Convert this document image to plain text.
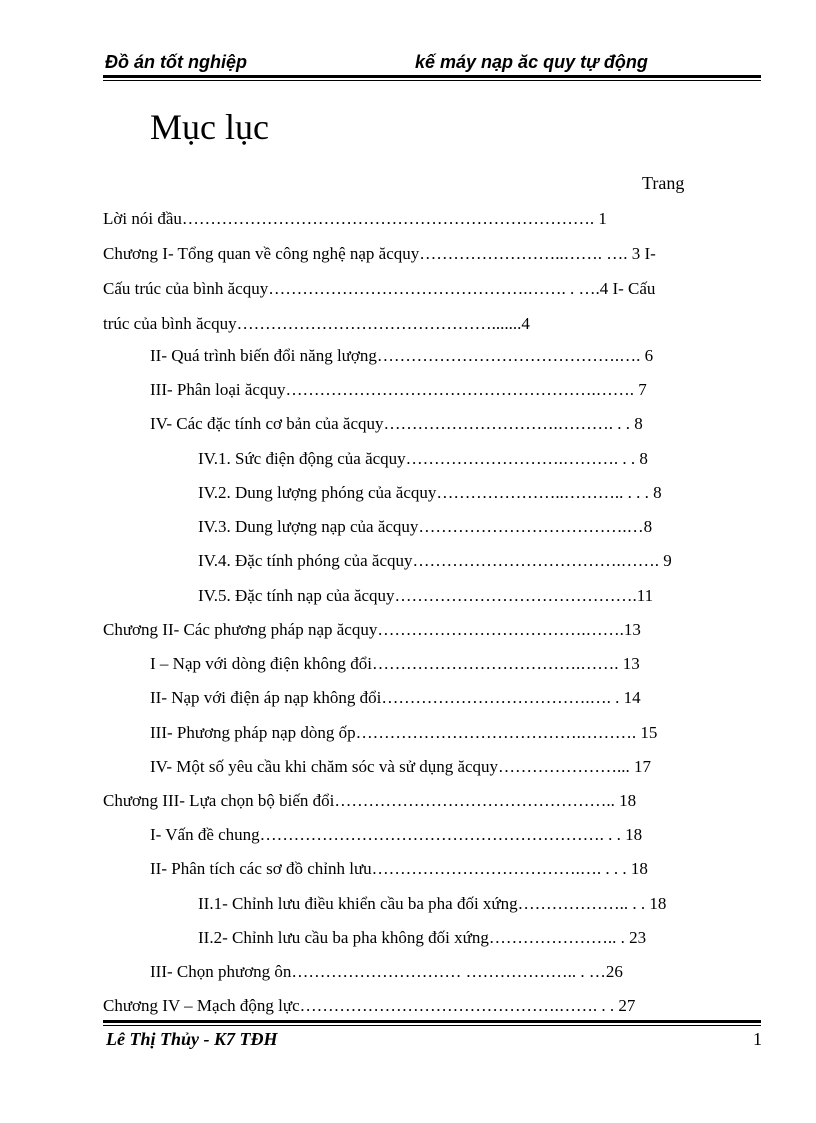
Đồ án tốt nghiệp	kế máy nạp ăc quy tự động
Mục lục
Trang
Lời nói đầu………………………………………………………………. 1
Chương I- Tổng quan về công nghệ nạp ăcquy……………………..……. …. 3 I-
Cấu trúc của bình ăcquy……………………………………….……. . ….4 I- Cấu
trúc của bình ăcquy……………………………………….......4
II- Quá trình biến đổi năng lượng…………………………………….…. 6
III- Phân loại ăcquy……………………………………………….……. 7
IV- Các đặc tính cơ bản của ăcquy………………………….………. . . 8
IV.1. Sức điện động của ăcquy……………………….………. . . 8
IV.2. Dung lượng phóng của ăcquy…………………..……….. . . . 8
IV.3. Dung lượng nạp của ăcquy……………………………….…8
IV.4. Đặc tính phóng của ăcquy……………………………….……. 9
IV.5. Đặc tính nạp của ăcquy…………………………………….11
Chương II- Các phương pháp nạp ăcquy……………………………….…….13
I – Nạp với dòng điện không đổi……………………………….……. 13
II- Nạp với điện áp nạp không đổi……………………………….…. . 14
III- Phương pháp nạp dòng ốp………………………………….………. 15
IV- Một số yêu cầu khi chăm sóc và sử dụng ăcquy…………………... 17
Chương III- Lựa chọn bộ biến đổi………………………………………….. 18
I- Vấn đề chung……………………………………………………. . . 18
II- Phân tích các sơ đồ chỉnh lưu……………………………….…. . . . 18
II.1- Chỉnh lưu điều khiển cầu ba pha đối xứng……………….. . . 18
II.2- Chỉnh lưu cầu ba pha không đối xứng………………….. . 23
III- Chọn phương ôn………………………… ……………….. . …26
Chương IV – Mạch động lực……………………………………….……. . . 27
Lê Thị Thủy - K7 TĐH	1
